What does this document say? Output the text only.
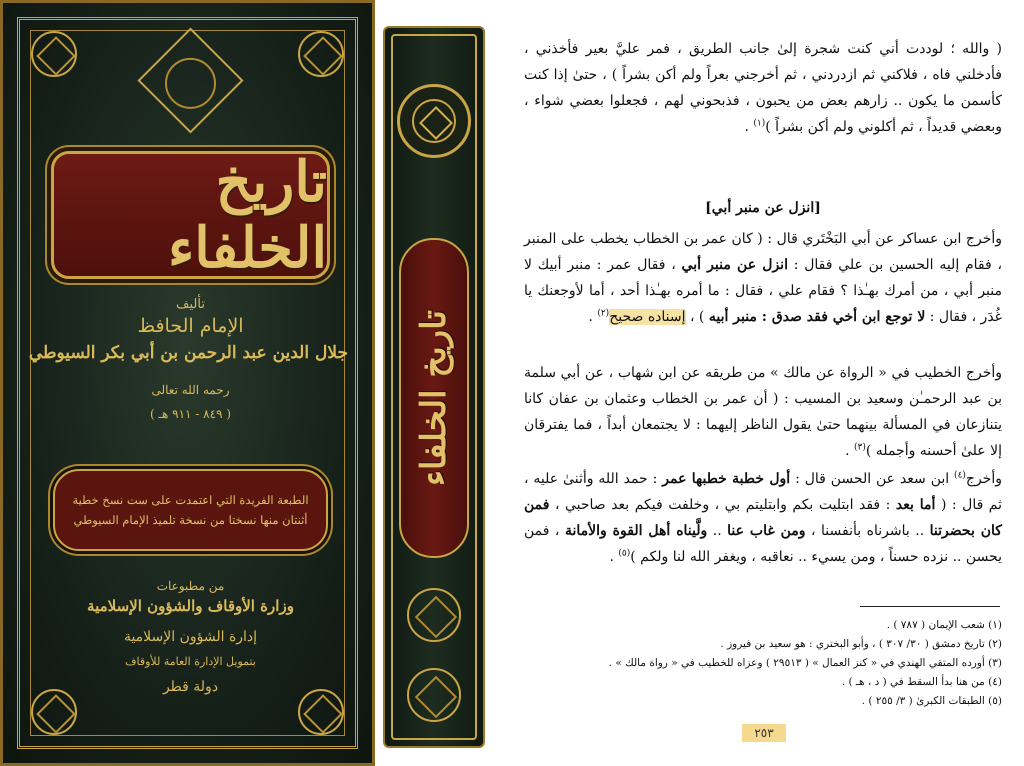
تاريخ الخلفاء
تأليف
الإمام الحافظ
جلال الدين عبد الرحمن بن أبي بكر السيوطي
رحمه الله تعالى
( ٨٤٩ - ٩١١ هـ )
الطبعة الفريدة التي اعتمدت على ست نسخ خطية
أثنتان منها نسختا من نسخة تلميذ الإمام السيوطي
من مطبوعات
وزارة الأوقاف والشؤون الإسلامية
إدارة الشؤون الإسلامية
بتمويل الإدارة العامة للأوقاف
دولة قطر
تاريخ الخلفاء

( والله ؛ لوددت أني كنت شجرة إلىٰ جانب الطريق ، فمر عليَّ بعير فأخذني ، فأدخلني فاه ، فلاكني ثم ازدردني ، ثم أخرجني بعراً ولم أكن بشراً ) ، حتىٰ إذا كنت كأسمن ما يكون .. زارهم بعض من يحبون ، فذبحوني لهم ، فجعلوا بعضي شواء ، وبعضي قديداً ، ثم أكلوني ولم أكن بشراً )$^{(١)}$ .

[انزل عن منبر أبي]

وأخرج ابن عساكر عن أبي البَخْتَري قال : ( كان عمر بن الخطاب يخطب على المنبر ، فقام إليه الحسين بن علي فقال : انزل عن منبر أبي ، فقال عمر : منبر أبيك لا منبر أبي ، من أمرك بهـٰذا ؟ فقام علي ، فقال : ما أمره بهـٰذا أحد ، أما لأوجعنك يا غُدَر ، فقال : لا توجع ابن أخي فقد صدق : منبر أبيه ) ، إسناده صحيح$^{(٢)}$ .

وأخرج الخطيب في « الرواة عن مالك » من طريقه عن ابن شهاب ، عن أبي سلمة بن عبد الرحمـٰن وسعيد بن المسيب : ( أن عمر بن الخطاب وعثمان بن عفان كانا يتنازعان في المسألة بينهما حتىٰ يقول الناظر إليهما : لا يجتمعان أبداً ، فما يفترقان إلا علىٰ أحسنه وأجمله )$^{(٣)}$ .

وأخرج$^{(٤)}$ ابن سعد عن الحسن قال : أول خطبة خطبها عمر : حمد الله وأثنىٰ عليه ، ثم قال : ( أما بعد : فقد ابتليت بكم وابتليتم بي ، وخلفت فيكم بعد صاحبي ، فمن كان بحضرتنا .. باشرناه بأنفسنا ، ومن غاب عنا .. ولَّيناه أهل القوة والأمانة ، فمن يحسن .. نزده حسناً ، ومن يسيء .. نعاقبه ، ويغفر الله لنا ولكم )$^{(٥)}$ .

(١) شعب الإيمان ( ٧٨٧ ) .
(٢) تاريخ دمشق ( ٣٠/ ٣٠٧ ) ، وأبو البختري : هو سعيد بن فيروز .
(٣) أورده المتقي الهندي في « كنز العمال » ( ٢٩٥١٣ ) وعزاه للخطيب في « رواة مالك » .
(٤) من هنا بدأ السقط في ( د ، هـ ) .
(٥) الطبقات الكبرىٰ ( ٣/ ٢٥٥ ) .
٢٥٣
